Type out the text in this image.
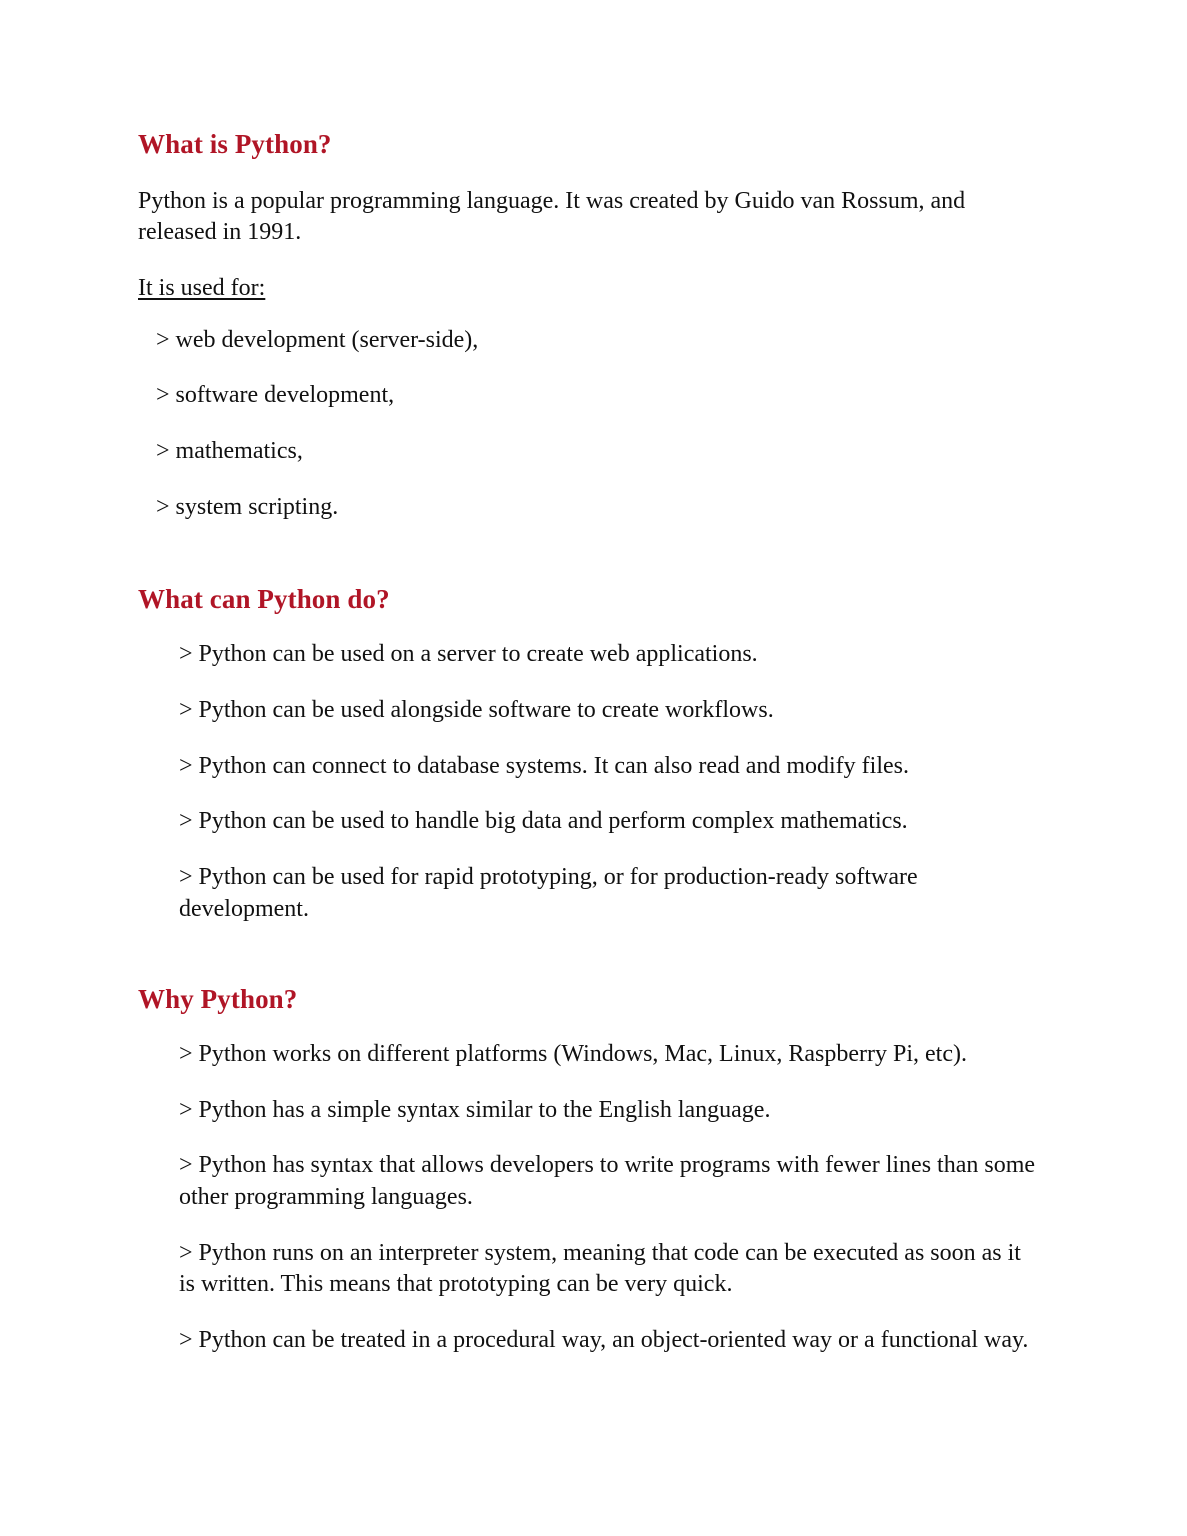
What is Python?

Python is a popular programming language. It was created by Guido van Rossum, and released in 1991.

It is used for:

> web development (server-side),
> software development,
> mathematics,
> system scripting.
What can Python do?
> Python can be used on a server to create web applications.
> Python can be used alongside software to create workflows.
> Python can connect to database systems. It can also read and modify files.
> Python can be used to handle big data and perform complex mathematics.
> Python can be used for rapid prototyping, or for production-ready software development.
Why Python?
> Python works on different platforms (Windows, Mac, Linux, Raspberry Pi, etc).
> Python has a simple syntax similar to the English language.
> Python has syntax that allows developers to write programs with fewer lines than some other programming languages.
> Python runs on an interpreter system, meaning that code can be executed as soon as it is written. This means that prototyping can be very quick.
> Python can be treated in a procedural way, an object-oriented way or a functional way.
